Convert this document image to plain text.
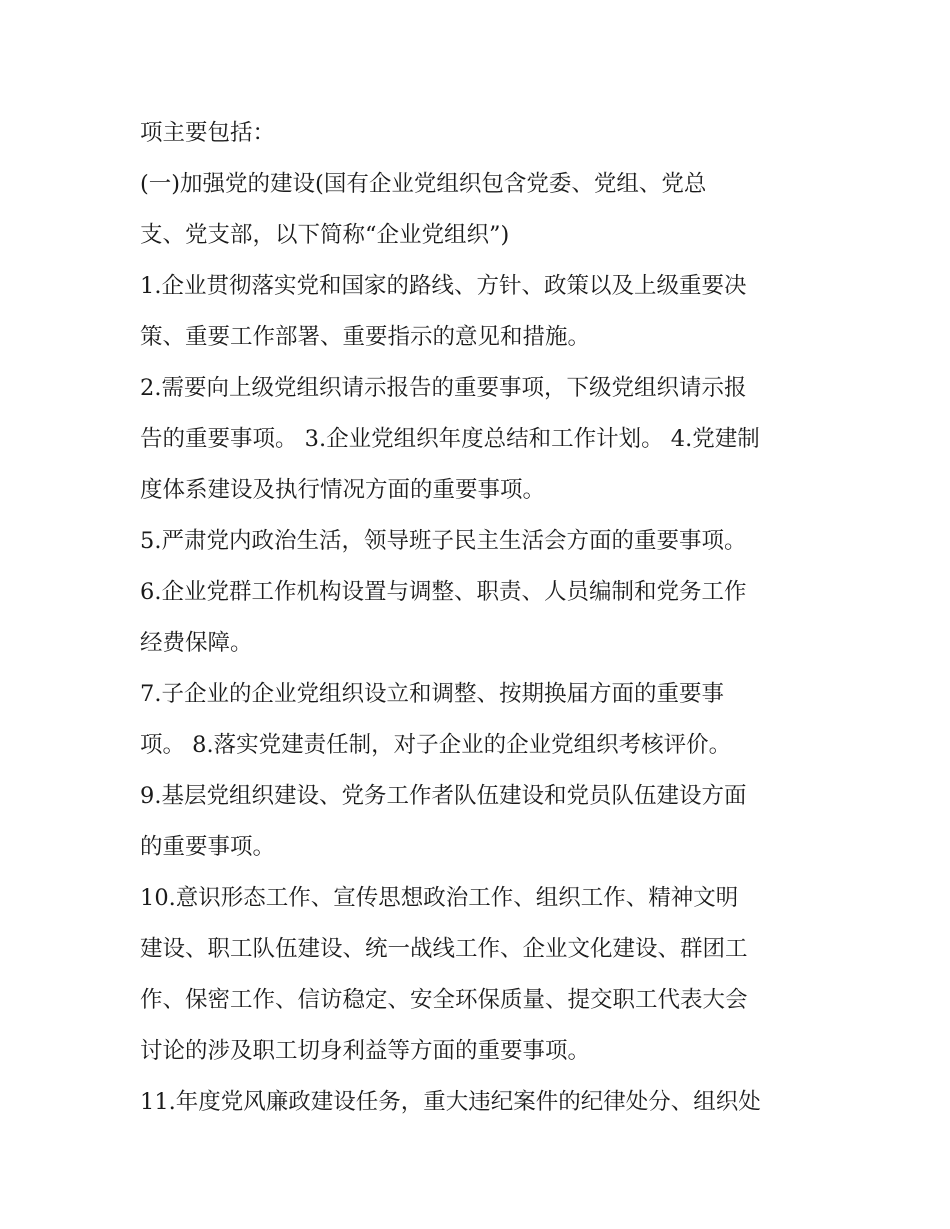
项主要包括：
(一)加强党的建设(国有企业党组织包含党委、党组、党总
支、党支部，以下简称“企业党组织”)
1.企业贯彻落实党和国家的路线、方针、政策以及上级重要决
策、重要工作部署、重要指示的意见和措施。
2.需要向上级党组织请示报告的重要事项，下级党组织请示报
告的重要事项。 3.企业党组织年度总结和工作计划。 4.党建制
度体系建设及执行情况方面的重要事项。
5.严肃党内政治生活，领导班子民主生活会方面的重要事项。
6.企业党群工作机构设置与调整、职责、人员编制和党务工作
经费保障。
7.子企业的企业党组织设立和调整、按期换届方面的重要事
项。 8.落实党建责任制，对子企业的企业党组织考核评价。
9.基层党组织建设、党务工作者队伍建设和党员队伍建设方面
的重要事项。
10.意识形态工作、宣传思想政治工作、组织工作、精神文明
建设、职工队伍建设、统一战线工作、企业文化建设、群团工
作、保密工作、信访稳定、安全环保质量、提交职工代表大会
讨论的涉及职工切身利益等方面的重要事项。
11.年度党风廉政建设任务，重大违纪案件的纪律处分、组织处
